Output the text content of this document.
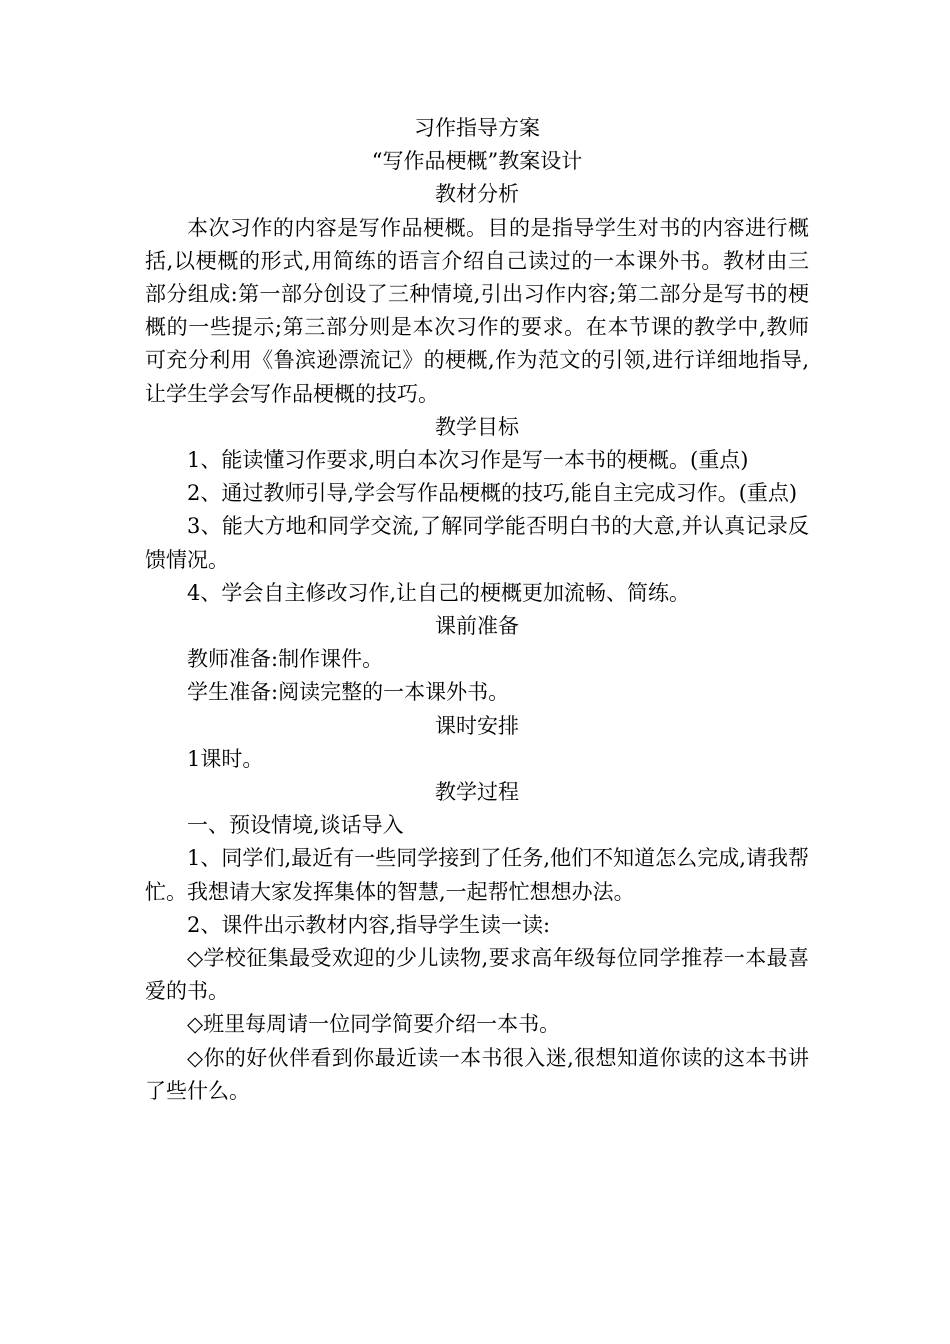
习作指导方案

“写作品梗概”教案设计

教材分析

本次习作的内容是写作品梗概。目的是指导学生对书的内容进行概括,以梗概的形式,用简练的语言介绍自己读过的一本课外书。教材由三部分组成:第一部分创设了三种情境,引出习作内容;第二部分是写书的梗概的一些提示;第三部分则是本次习作的要求。在本节课的教学中,教师可充分利用《鲁滨逊漂流记》的梗概,作为范文的引领,进行详细地指导,让学生学会写作品梗概的技巧。

教学目标

1、能读懂习作要求,明白本次习作是写一本书的梗概。(重点)

2、通过教师引导,学会写作品梗概的技巧,能自主完成习作。(重点)

3、能大方地和同学交流,了解同学能否明白书的大意,并认真记录反馈情况。

4、学会自主修改习作,让自己的梗概更加流畅、简练。

课前准备

教师准备:制作课件。

学生准备:阅读完整的一本课外书。

课时安排

1课时。

教学过程

一、预设情境,谈话导入

1、同学们,最近有一些同学接到了任务,他们不知道怎么完成,请我帮忙。我想请大家发挥集体的智慧,一起帮忙想想办法。

2、课件出示教材内容,指导学生读一读:

◇学校征集最受欢迎的少儿读物,要求高年级每位同学推荐一本最喜爱的书。

◇班里每周请一位同学简要介绍一本书。

◇你的好伙伴看到你最近读一本书很入迷,很想知道你读的这本书讲了些什么。
